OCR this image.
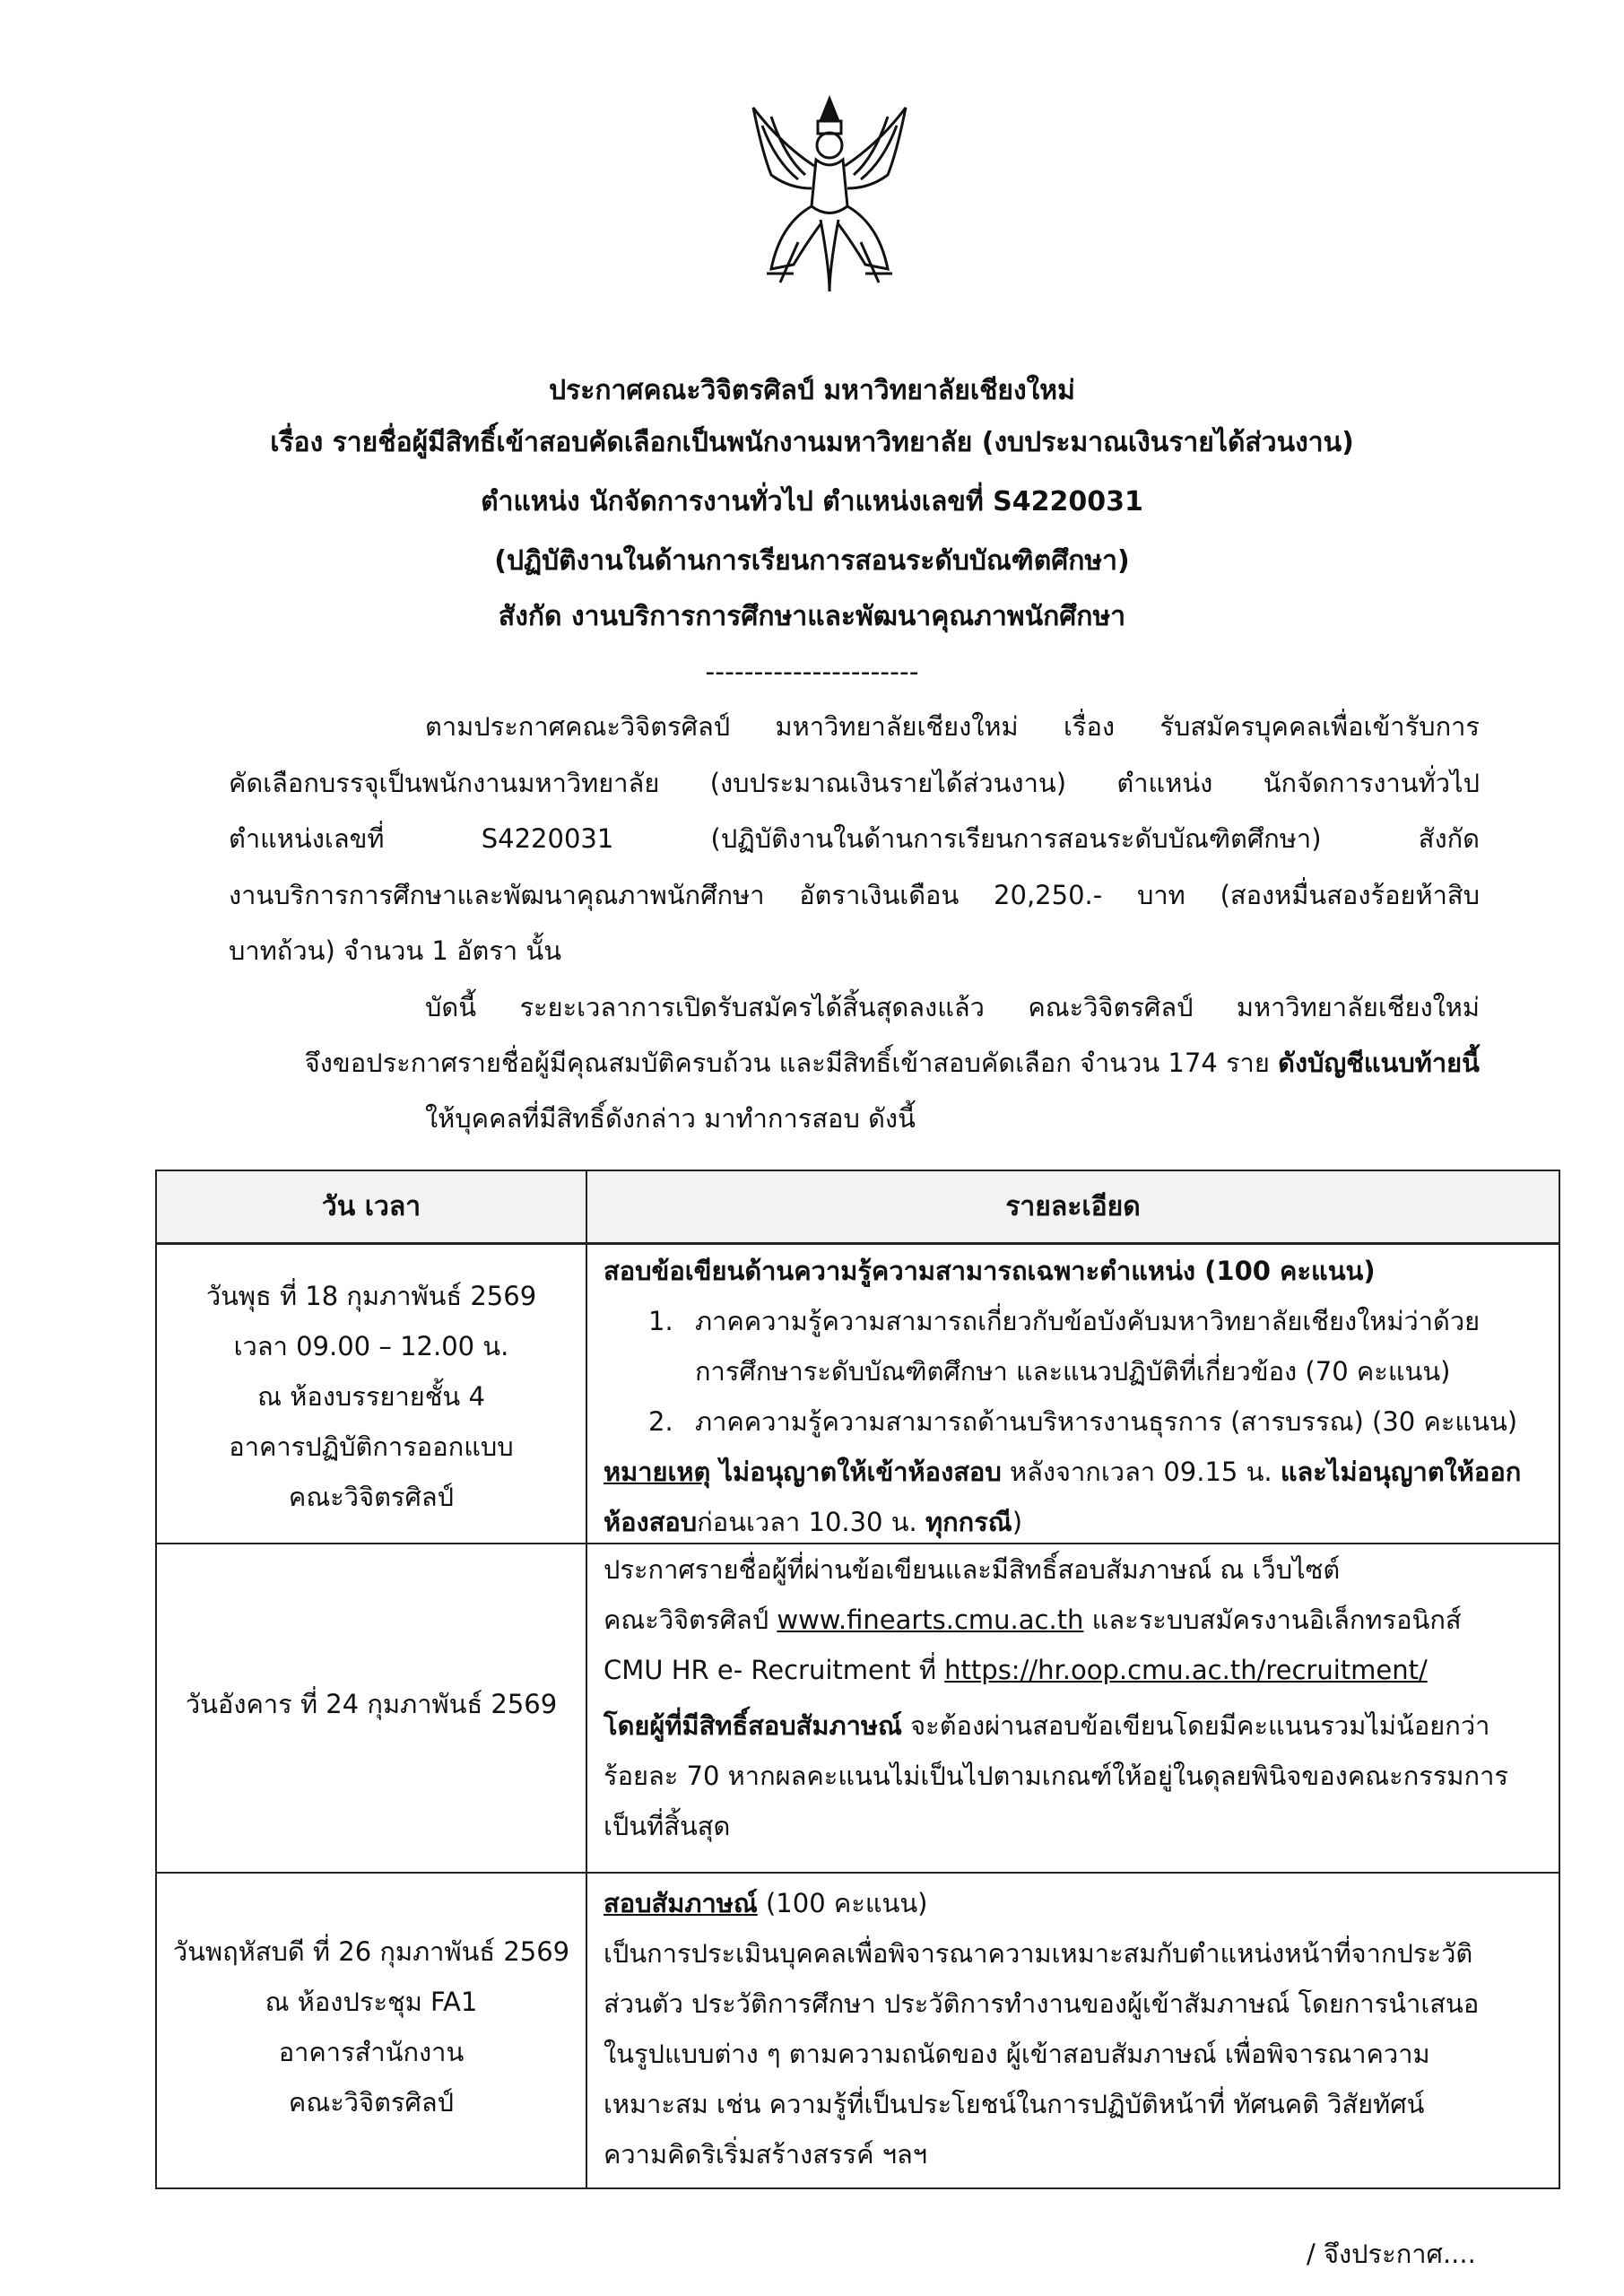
ประกาศคณะวิจิตรศิลป์ มหาวิทยาลัยเชียงใหม่
เรื่อง รายชื่อผู้มีสิทธิ์เข้าสอบคัดเลือกเป็นพนักงานมหาวิทยาลัย (งบประมาณเงินรายได้ส่วนงาน)
ตำแหน่ง นักจัดการงานทั่วไป ตำแหน่งเลขที่ S4220031
(ปฏิบัติงานในด้านการเรียนการสอนระดับบัณฑิตศึกษา)
สังกัด งานบริการการศึกษาและพัฒนาคุณภาพนักศึกษา
----------------------
ตามประกาศคณะวิจิตรศิลป์ มหาวิทยาลัยเชียงใหม่ เรื่อง รับสมัครบุคคลเพื่อเข้ารับการ
คัดเลือกบรรจุเป็นพนักงานมหาวิทยาลัย (งบประมาณเงินรายได้ส่วนงาน) ตำแหน่ง นักจัดการงานทั่วไป
ตำแหน่งเลขที่ S4220031 (ปฏิบัติงานในด้านการเรียนการสอนระดับบัณฑิตศึกษา) สังกัด
งานบริการการศึกษาและพัฒนาคุณภาพนักศึกษา อัตราเงินเดือน 20,250.- บาท (สองหมื่นสองร้อยห้าสิบ
บาทถ้วน) จำนวน 1 อัตรา นั้น
บัดนี้ ระยะเวลาการเปิดรับสมัครได้สิ้นสุดลงแล้ว คณะวิจิตรศิลป์ มหาวิทยาลัยเชียงใหม่
จึงขอประกาศรายชื่อผู้มีคุณสมบัติครบถ้วน และมีสิทธิ์เข้าสอบคัดเลือก จำนวน 174 ราย ดังบัญชีแนบท้ายนี้
ให้บุคคลที่มีสิทธิ์ดังกล่าว มาทำการสอบ ดังนี้
วัน เวลา	รายละเอียด
วันพุธ ที่ 18 กุมภาพันธ์ 2569
เวลา 09.00 – 12.00 น.
ณ ห้องบรรยายชั้น 4
อาคารปฏิบัติการออกแบบ
คณะวิจิตรศิลป์
สอบข้อเขียนด้านความรู้ความสามารถเฉพาะตำแหน่ง (100 คะแนน)
1. ภาคความรู้ความสามารถเกี่ยวกับข้อบังคับมหาวิทยาลัยเชียงใหม่ว่าด้วย
การศึกษาระดับบัณฑิตศึกษา และแนวปฏิบัติที่เกี่ยวข้อง (70 คะแนน)
2. ภาคความรู้ความสามารถด้านบริหารงานธุรการ (สารบรรณ) (30 คะแนน)
หมายเหตุ ไม่อนุญาตให้เข้าห้องสอบ หลังจากเวลา 09.15 น. และไม่อนุญาตให้ออก
ห้องสอบก่อนเวลา 10.30 น. ทุกกรณี)
วันอังคาร ที่ 24 กุมภาพันธ์ 2569
ประกาศรายชื่อผู้ที่ผ่านข้อเขียนและมีสิทธิ์สอบสัมภาษณ์ ณ เว็บไซต์
คณะวิจิตรศิลป์ www.finearts.cmu.ac.th และระบบสมัครงานอิเล็กทรอนิกส์
CMU HR e- Recruitment ที่ https://hr.oop.cmu.ac.th/recruitment/
โดยผู้ที่มีสิทธิ์สอบสัมภาษณ์ จะต้องผ่านสอบข้อเขียนโดยมีคะแนนรวมไม่น้อยกว่า
ร้อยละ 70 หากผลคะแนนไม่เป็นไปตามเกณฑ์ให้อยู่ในดุลยพินิจของคณะกรรมการ
เป็นที่สิ้นสุด
วันพฤหัสบดี ที่ 26 กุมภาพันธ์ 2569
ณ ห้องประชุม FA1
อาคารสำนักงาน
คณะวิจิตรศิลป์
สอบสัมภาษณ์ (100 คะแนน)
เป็นการประเมินบุคคลเพื่อพิจารณาความเหมาะสมกับตำแหน่งหน้าที่จากประวัติ
ส่วนตัว ประวัติการศึกษา ประวัติการทำงานของผู้เข้าสัมภาษณ์ โดยการนำเสนอ
ในรูปแบบต่าง ๆ ตามความถนัดของ ผู้เข้าสอบสัมภาษณ์ เพื่อพิจารณาความ
เหมาะสม เช่น ความรู้ที่เป็นประโยชน์ในการปฏิบัติหน้าที่ ทัศนคติ วิสัยทัศน์
ความคิดริเริ่มสร้างสรรค์ ฯลฯ
/ จึงประกาศ....
